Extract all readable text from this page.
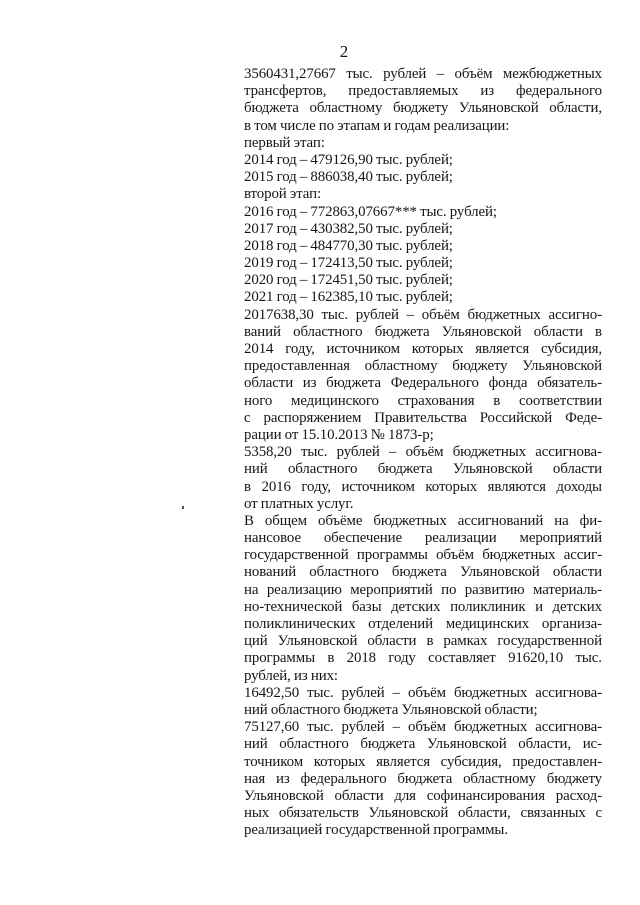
2
3560431,27667 тыс. рублей – объём межбюджетных
трансфертов, предоставляемых из федерального
бюджета областному бюджету Ульяновской области,
в том числе по этапам и годам реализации:
первый этап:
2014 год – 479126,90 тыс. рублей;
2015 год – 886038,40 тыс. рублей;
второй этап:
2016 год – 772863,07667*** тыс. рублей;
2017 год – 430382,50 тыс. рублей;
2018 год – 484770,30 тыс. рублей;
2019 год – 172413,50 тыс. рублей;
2020 год – 172451,50 тыс. рублей;
2021 год – 162385,10 тыс. рублей;
2017638,30 тыс. рублей – объём бюджетных ассигно-
ваний областного бюджета Ульяновской области в
2014 году, источником которых является субсидия,
предоставленная областному бюджету Ульяновской
области из бюджета Федерального фонда обязатель-
ного медицинского страхования в соответствии
с распоряжением Правительства Российской Феде-
рации от 15.10.2013 № 1873-р;
5358,20 тыс. рублей – объём бюджетных ассигнова-
ний областного бюджета Ульяновской области
в 2016 году, источником которых являются доходы
от платных услуг.
В общем объёме бюджетных ассигнований на фи-
нансовое обеспечение реализации мероприятий
государственной программы объём бюджетных ассиг-
нований областного бюджета Ульяновской области
на реализацию мероприятий по развитию материаль-
но-технической базы детских поликлиник и детских
поликлинических отделений медицинских организа-
ций Ульяновской области в рамках государственной
программы в 2018 году составляет 91620,10 тыс.
рублей, из них:
16492,50 тыс. рублей – объём бюджетных ассигнова-
ний областного бюджета Ульяновской области;
75127,60 тыс. рублей – объём бюджетных ассигнова-
ний областного бюджета Ульяновской области, ис-
точником которых является субсидия, предоставлен-
ная из федерального бюджета областному бюджету
Ульяновской области для софинансирования расход-
ных обязательств Ульяновской области, связанных с
реализацией государственной программы.
